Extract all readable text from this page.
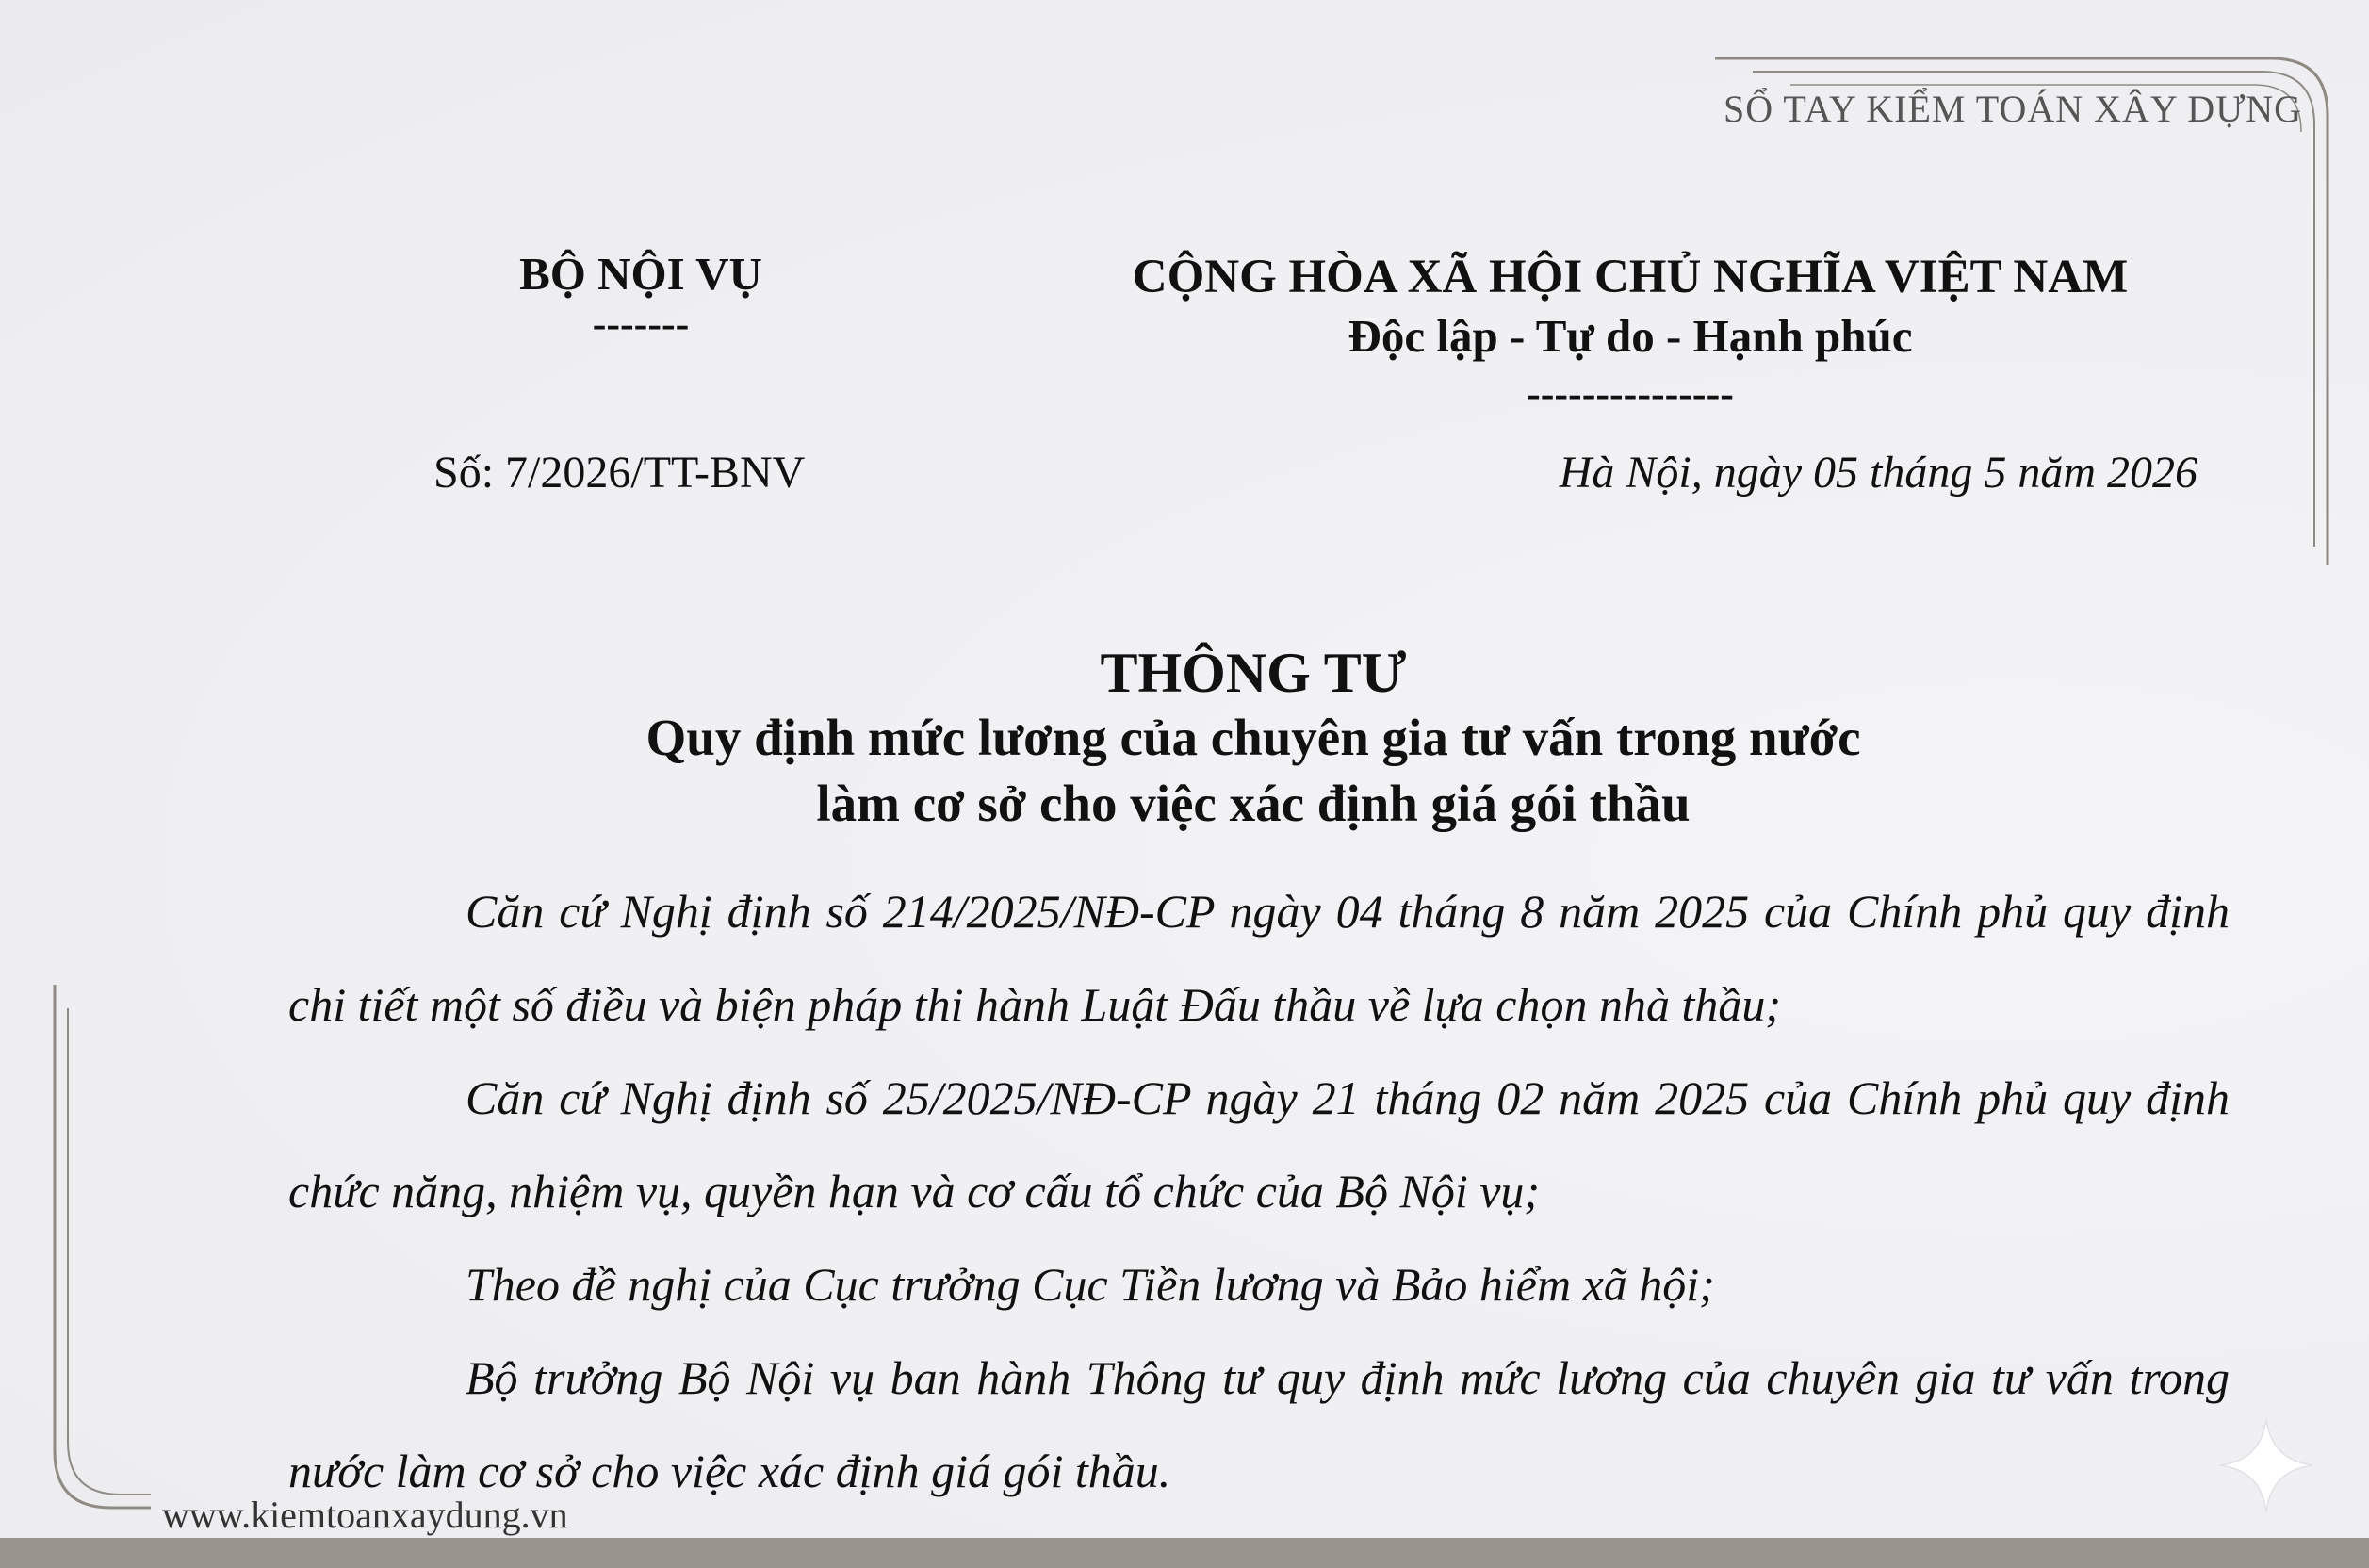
SỔ TAY KIỂM TOÁN XÂY DỰNG
BỘ NỘI VỤ
-------
CỘNG HÒA XÃ HỘI CHỦ NGHĨA VIỆT NAM
Độc lập - Tự do - Hạnh phúc
---------------
Số: 7/2026/TT-BNV	Hà Nội, ngày 05 tháng 5 năm 2026
THÔNG TƯ
Quy định mức lương của chuyên gia tư vấn trong nước
làm cơ sở cho việc xác định giá gói thầu

Căn cứ Nghị định số 214/2025/NĐ-CP ngày 04 tháng 8 năm 2025 của Chính phủ quy định chi tiết một số điều và biện pháp thi hành Luật Đấu thầu về lựa chọn nhà thầu;

Căn cứ Nghị định số 25/2025/NĐ-CP ngày 21 tháng 02 năm 2025 của Chính phủ quy định chức năng, nhiệm vụ, quyền hạn và cơ cấu tổ chức của Bộ Nội vụ;

Theo đề nghị của Cục trưởng Cục Tiền lương và Bảo hiểm xã hội;

Bộ trưởng Bộ Nội vụ ban hành Thông tư quy định mức lương của chuyên gia tư vấn trong nước làm cơ sở cho việc xác định giá gói thầu.

www.kiemtoanxaydung.vn
